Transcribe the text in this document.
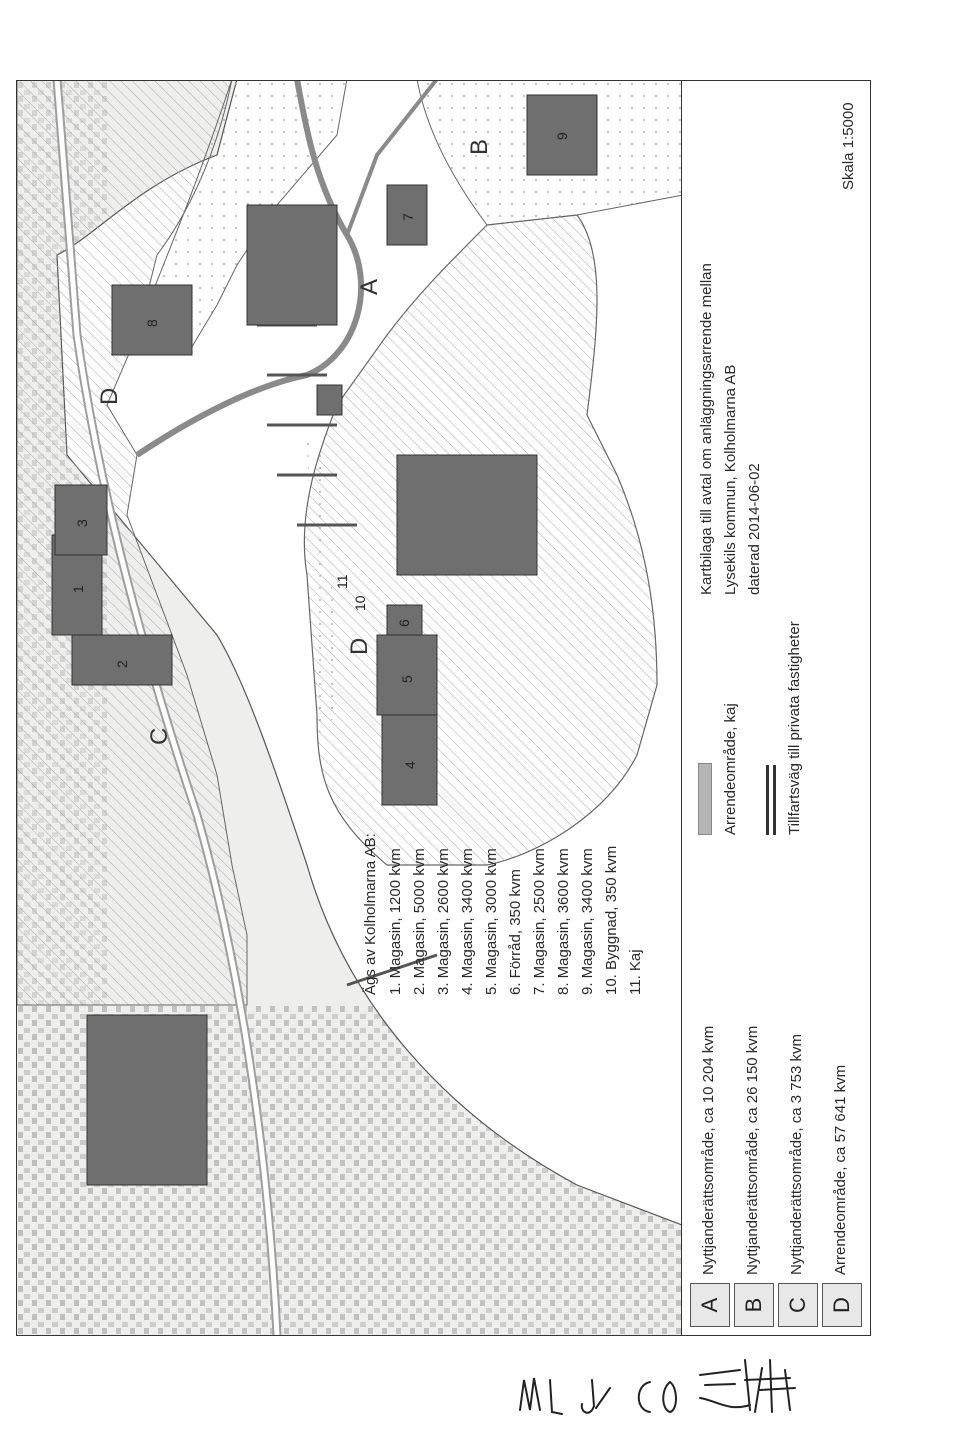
1
2
3
4
5
6
7
8
9
10
11
A
B
C
D
D
Ägs av Kolholmarna AB: 1. Magasin, 1200 kvm 2. Magasin, 5000 kvm 3. Magasin, 2600 kvm 4. Magasin, 3400 kvm 5. Magasin, 3000 kvm 6. Förråd, 350 kvm 7. Magasin, 2500 kvm 8. Magasin, 3600 kvm 9. Magasin, 3400 kvm 10. Byggnad, 350 kvm 11. Kaj
A
Nyttjanderättsområde, ca 10 204 kvm
B
Nyttjanderättsområde, ca 26 150 kvm
C
Nyttjanderättsområde, ca 3 753 kvm
D
Arrendeområde, ca 57 641 kvm
Arrendeområde, kaj	Tillfartsväg till privata fastigheter
Kartbilaga till avtal om anläggningsarrende mellan Lysekils kommun, Kolholmarna AB daterad 2014-06-02
Skala 1:5000
